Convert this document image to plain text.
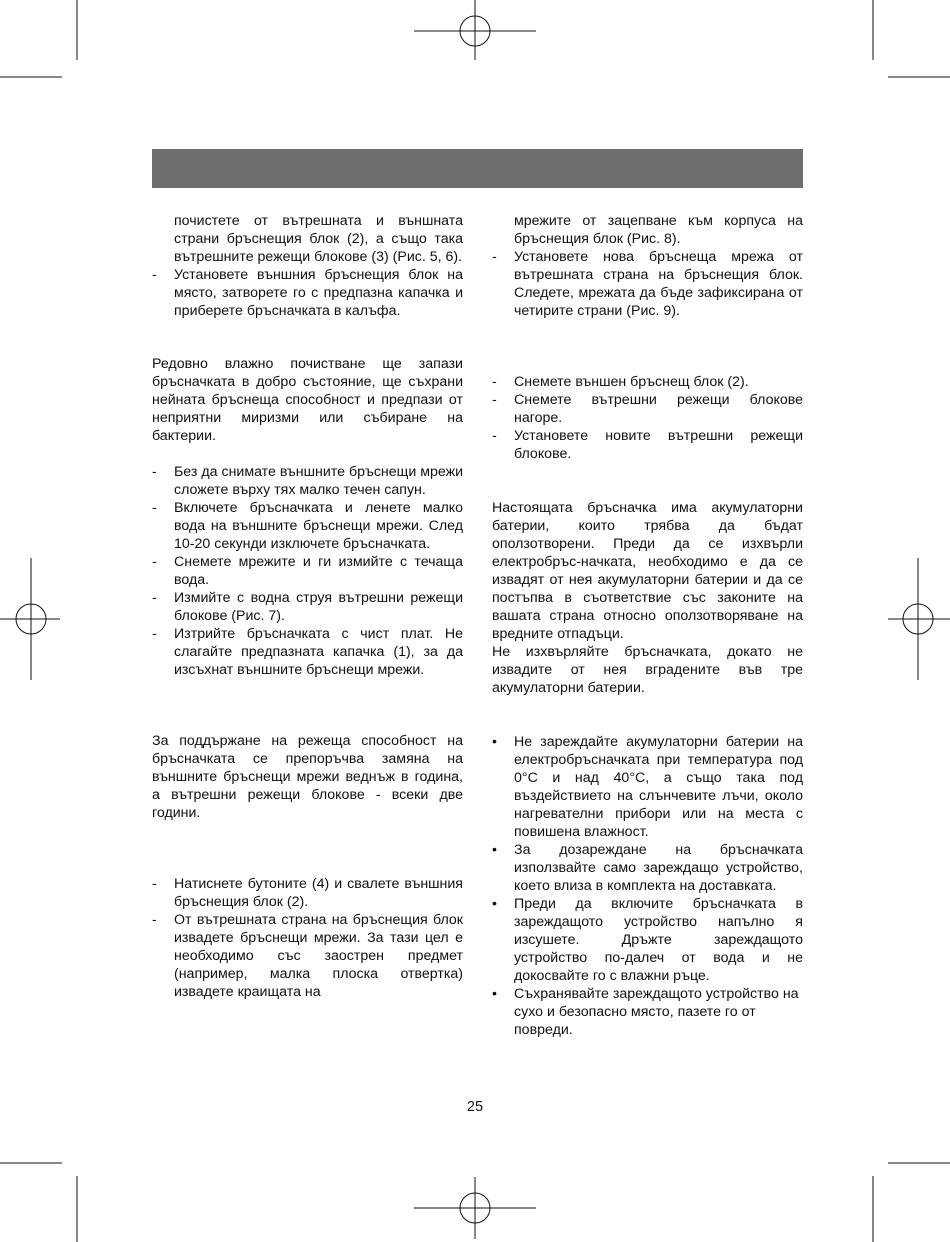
почистете от вътрешната и външната страни бръснещия блок (2), а също така вътрешните режещи блокове (3) (Рис. 5, 6).

-	Установете външния бръснещия блок на място, затворете го с предпазна капачка и приберете бръсначката в калъфа.

Редовно влажно почистване ще запази бръсначката в добро състояние, ще съхрани нейната бръснеща способност и предпази от неприятни миризми или събиране на бактерии.

-	Без да снимате външните бръснещи мрежи сложете върху тях малко течен сапун.
-	Включете бръсначката и ленете малко вода на външните бръснещи мрежи. След 10-20 секунди изключете бръсначката.
-	Снемете мрежите и ги измийте с течаща вода.
-	Измийте с водна струя вътрешни режещи блокове (Рис. 7).
-	Изтрийте бръсначката с чист плат. Не слагайте предпазната капачка (1), за да изсъхнат външните бръснещи мрежи.

За поддържане на режеща способност на бръсначката се препоръчва замяна на външните бръснещи мрежи веднъж в година, а вътрешни режещи блокове - всеки две години.

-	Натиснете бутоните (4) и свалете външния бръснещия блок (2).
-	От вътрешната страна на бръснещия блок извадете бръснещи мрежи. За тази цел е необходимо със заострен предмет (например, малка плоска отвертка) извадете краищата на

мрежите от зацепване към корпуса на бръснещия блок (Рис. 8).

-	Установете нова бръснеща мрежа от вътрешната страна на бръснещия блок. Следете, мрежата да бъде зафиксирана от четирите страни (Рис. 9).
-	Снемете външен бръснещ блок (2).
-	Снемете вътрешни режещи блокове нагоре.
-	Установете новите вътрешни режещи блокове.

Настоящата бръсначка има акумулаторни батерии, които трябва да бъдат оползотворени. Преди да се изхвърли електробръс-начката, необходимо е да се извадят от нея акумулаторни батерии и да се постъпва в съответствие със законите на вашата страна относно оползотворяване на вредните отпадъци.

Не изхвърляйте бръсначката, докато не извадите от нея вградените във тре акумулаторни батерии.

•	Не зареждайте акумулаторни батерии на електробръсначката при температура под 0°С и над 40°С, а също така под въздействието на слънчевите лъчи, около нагревателни прибори или на места с повишена влажност.
•	За дозареждане на бръсначката използвайте само зареждащо устройство, което влиза в комплекта на доставката.
•	Преди да включите бръсначката в зареждащото устройство напълно я изсушете. Дръжте зареждащото устройство по-далеч от вода и не докосвайте го с влажни ръце.
•	Съхранявайте зареждащото устройство на сухо и безопасно място, пазете го от повреди.
25
